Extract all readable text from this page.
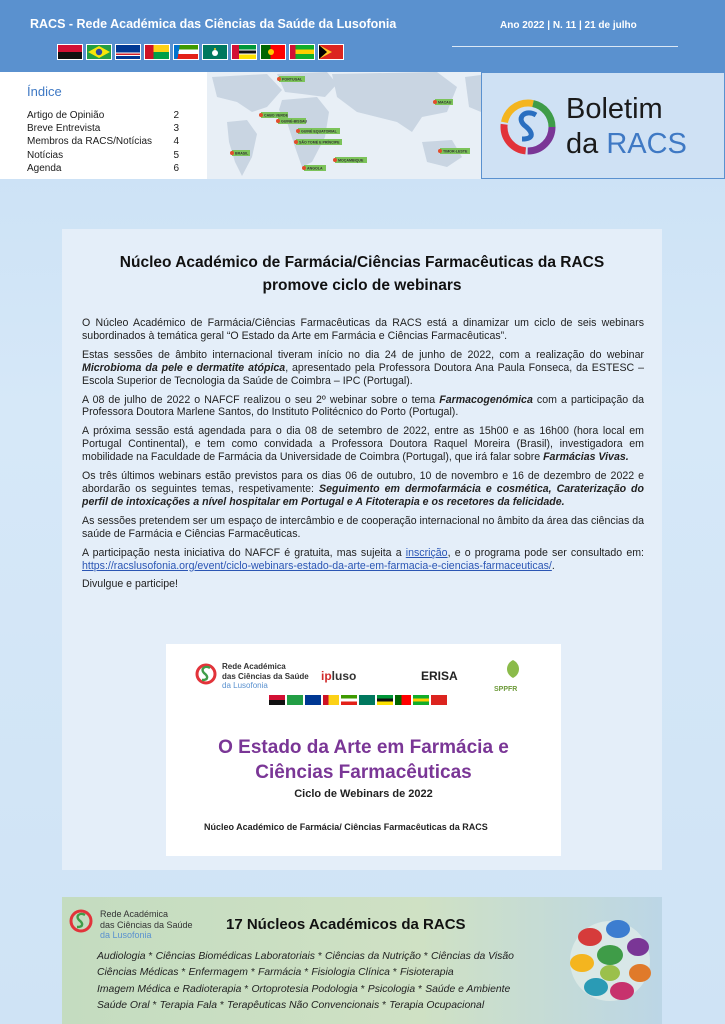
RACS - Rede Académica das Ciências da Saúde da Lusofonia	Ano 2022 | N. 11 | 21 de julho
Índice
Artigo de Opinião	2
Breve Entrevista	3
Membros da RACS/Notícias 4
Notícias	5
Agenda	6
PORTUGAL
CABO VERDE
GUINÉ-BISSAU
GUINÉ EQUATORIAL
SÃO TOMÉ E PRÍNCIPE
BRASIL
ANGOLA
MOÇAMBIQUE
MACAU
TIMOR-LESTE
Boletim
da RACS
Núcleo Académico de Farmácia/Ciências Farmacêuticas da RACS
promove ciclo de webinars

O Núcleo Académico de Farmácia/Ciências Farmacêuticas da RACS está a dinamizar um ciclo de seis webinars subordinados à temática geral “O Estado da Arte em Farmácia e Ciências Farmacêuticas”.

Estas sessões de âmbito internacional tiveram início no dia 24 de junho de 2022, com a realização do webinar Microbioma da pele e dermatite atópica, apresentado pela Professora Doutora Ana Paula Fonseca, da ESTESC – Escola Superior de Tecnologia da Saúde de Coimbra – IPC (Portugal).

A 08 de julho de 2022 o NAFCF realizou o seu 2º webinar sobre o tema Farmacogenómica com a participação da Professora Doutora Marlene Santos, do Instituto Politécnico do Porto (Portugal).

A próxima sessão está agendada para o dia 08 de setembro de 2022, entre as 15h00 e as 16h00 (hora local em Portugal Continental), e tem como convidada a Professora Doutora Raquel Moreira (Brasil), investigadora em mobilidade na Faculdade de Farmácia da Universidade de Coimbra (Portugal), que irá falar sobre Farmácias Vivas.

Os três últimos webinars estão previstos para os dias 06 de outubro, 10 de novembro e 16 de dezembro de 2022 e abordarão os seguintes temas, respetivamente: Seguimento em dermofarmácia e cosmética, Caraterização do perfil de intoxicações a nível hospitalar em Portugal e A Fitoterapia e os recetores da felicidade.

As sessões pretendem ser um espaço de intercâmbio e de cooperação internacional no âmbito da área das ciências da saúde de Farmácia e Ciências Farmacêuticas.

A participação nesta iniciativa do NAFCF é gratuita, mas sujeita a inscrição, e o programa pode ser consultado em: https://racslusofonia.org/event/ciclo-webinars-estado-da-arte-em-farmacia-e-ciencias-farmaceuticas/.

Divulgue e participe!

Rede Académica
das Ciências da Saúde
da Lusofonia
ipluso	ERISA
SPPFR
O Estado da Arte em Farmácia e
Ciências Farmacêuticas
Ciclo de Webinars de 2022
Núcleo Académico de Farmácia/ Ciências Farmacêuticas da RACS
Rede Académica
das Ciências da Saúde
da Lusofonia
17 Núcleos Académicos da RACS
Audiologia * Ciências Biomédicas Laboratoriais * Ciências da Nutrição * Ciências da Visão
Ciências Médicas * Enfermagem * Farmácia * Fisiologia Clínica * Fisioterapia
Imagem Médica e Radioterapia * Ortoprotesia Podologia * Psicologia * Saúde e Ambiente
Saúde Oral * Terapia Fala * Terapêuticas Não Convencionais * Terapia Ocupacional
